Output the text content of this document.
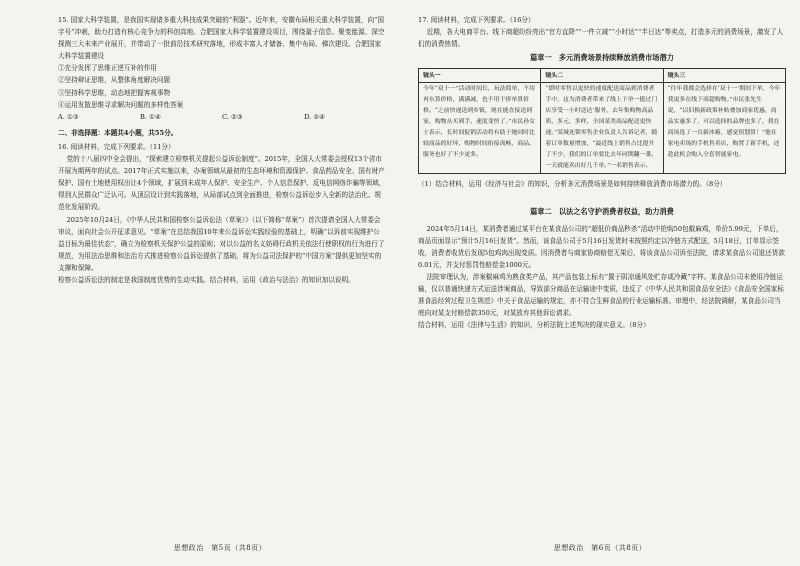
15. 国家大科学装置，是我国实现诸多重大科技成果突破的“利器”。近年来，安徽布局相关重大科学装置，向“国字号”冲刺，助力打造有核心竞争力的科创高地。合肥国家大科学装置建设项目，围绕量子信息、聚变能源、深空探测三大未来产业展开，并带动了一批前沿技术研究落地，形成丰富人才储备、集中布局、梯次建设。合肥国家大科学装置建设

①充分发挥了思维正逆互补的作用

②坚持辩证思维，从整体角度解决问题

③坚持科学思维，动态地把握客观事物

④运用发散思维寻求解决问题的多样性答案

A. ①③	B. ①④	C. ②③	D. ②④

二、非选择题：本题共4小题，共55分。

16. 阅读材料，完成下列要求。（11分）

党的十八届四中全会提出，“探索建立检察机关提起公益诉讼制度”。2015年，全国人大常委会授权13个省市开展为期两年的试点。2017年正式实施以来，办案领域从最初的生态环境和资源保护、食品药品安全、国有财产保护、国有土地使用权出让4个领域，扩展到未成年人保护、安全生产、个人信息保护、反电信网络诈骗等领域，得到人民群众广泛认可。从顶层设计到实践落地，从局部试点到全面推进，检察公益诉讼步入全新的法治化、规范化发展阶段。

2025年10月24日，《中华人民共和国检察公益诉讼法（草案）》（以下简称“草案”）首次提请全国人大常委会审议，面向社会公开征求意见。“草案”在总结我国10年来公益诉讼实践经验的基础上，明确“以诉前实现维护公益目标为最佳状态”，确立为检察机关保护公益的原则；对以公益的名义妨碍行政机关依法行使职权的行为进行了规范，为用法治思维和法治方式推进检察公益诉讼提供了基础，将为公益司法保护的“中国方案”提供更加坚实的支撑和保障。

检察公益诉讼法的制定是我国制度优势的生动实践。结合材料，运用《政治与法治》的知识加以说明。

思想政治　第5页（共8页）

17. 阅读材料，完成下列要求。（16分）

近期，各大电商平台、线下商超纷纷亮出“官方直降”“一件立减”“小时达”“半日达”等卖点，打造多元的消费场景，激发了人们的消费热情。

篇章一　多元消费场景持续释放消费市场潜力

镜头一	镜头二	镜头三
今年“双十一”活动时间长，玩法简单，不用再东算价格，满满减，也不用于拼单算价格。“之前快递送到乡镇，现在能直接送到家，购物从买到手，速度变快了。”市民孙女士表示，长时间促销活动将有助于她同时比较商品的好坏，购物时间衔接流畅，商品、服务也好了不少更多。	“即时零售以更快的速度配送商品到消费者手中，这为消费者带来了线上下单一挺过门店享受一小时送达’服务，去年集购物高品质、多元、多样，全国某类商品配送更快速。”某城连锁零售企业负责人告诉记者，随着订单数量增加，“最近线上销售占比提升了不少，我们的订单要比去年同期翻一番，一天就能卖出好几千单。”一名销售表示。	“往年我都会选择在‘双十一’期间下单，今年我更多在线下商超购物。”市民张先生说，“以旧换新政策补贴叠加商家优惠，商品实惠多了，可以选择的品牌也多了，我在商场选了一台新冰箱，感觉很划算！”他在家电卖场的手机售卖店，购置了新手机，还趁此机会购入全套智能家电。

（1）结合材料，运用《经济与社会》的知识，分析多元消费场景是如何持续释放消费市场潜力的。（8分）

篇章二　以法之名守护消费者权益，助力消费

2024年5月14日，某消费者通过某平台在某食品公司的“超低价商品秒杀”活动中抢购50包椒麻鸡，单价5.99元，下单后，商品页面显示“预计5月16日发货”。然而，该食品公司于5月16日发货时未按照约定以冷链方式配送，5月18日，订单显示签收，消费者收货后发现5包鸡肉出现变质。因消费者与商家协商赔偿无果后，将该食品公司诉至法院，请求某食品公司退还货款0.01元，并支付惩罚性赔偿金1000元。

法院审理认为，涉案椒麻鸡为熟食类产品，其产品包装上标有“置于阴凉通风处贮存或冷藏”字样。某食品公司未使用冷链运输，仅以普通快递方式运送涉案商品，导致部分商品在运输途中变质，违反了《中华人民共和国食品安全法》《食品安全国家标准食品经营过程卫生规范》中关于食品运输的规定，亦不符合生鲜食品的行业运输标准。审理中，经法院调解，某食品公司当庭向对某支付赔偿款350元，对某放弃其他诉讼请求。

结合材料，运用《法律与生活》的知识，分析法院上述判决的现实意义。（8分）

思想政治　第6页（共8页）
